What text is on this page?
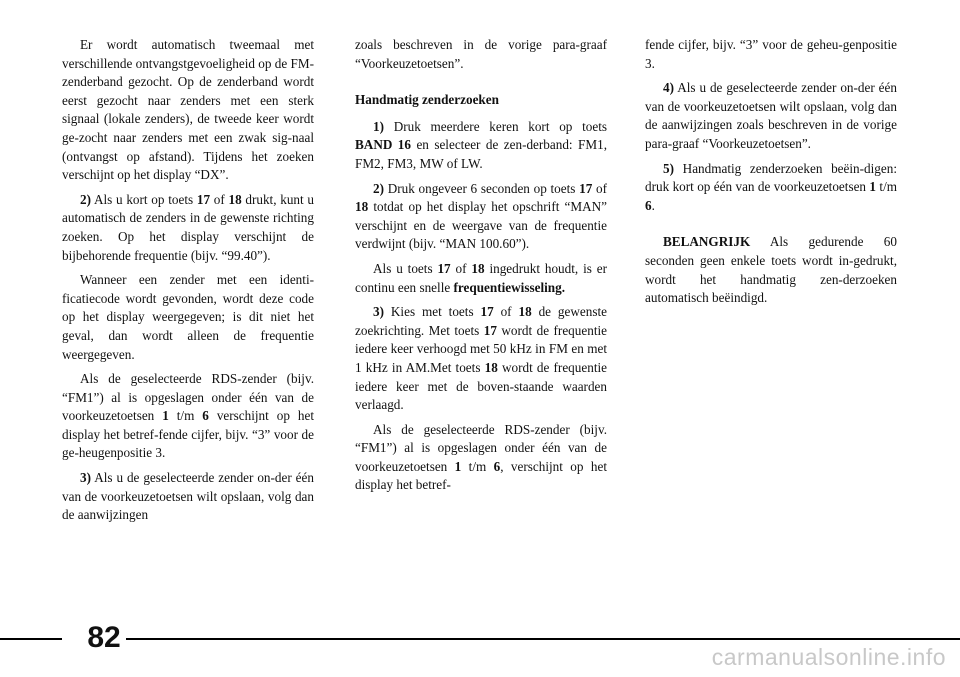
Er wordt automatisch tweemaal met verschillende ontvangstgevoeligheid op de FM-zenderband gezocht. Op de zenderband wordt eerst gezocht naar zenders met een sterk signaal (lokale zenders), de tweede keer wordt ge-zocht naar zenders met een zwak sig-naal (ontvangst op afstand). Tijdens het zoeken verschijnt op het display “DX”.

2) Als u kort op toets 17 of 18 drukt, kunt u automatisch de zenders in de gewenste richting zoeken. Op het display verschijnt de bijbehorende frequentie (bijv. “99.40”).

Wanneer een zender met een identi-ficatiecode wordt gevonden, wordt deze code op het display weergegeven; is dit niet het geval, dan wordt alleen de frequentie weergegeven.

Als de geselecteerde RDS-zender (bijv. “FM1”) al is opgeslagen onder één van de voorkeuzetoetsen 1 t/m 6 verschijnt op het display het betref-fende cijfer, bijv. “3” voor de ge-heugenpositie 3.

3) Als u de geselecteerde zender on-der één van de voorkeuzetoetsen wilt opslaan, volg dan de aanwijzingen

zoals beschreven in de vorige para-graaf “Voorkeuzetoetsen”.

Handmatig zenderzoeken

1) Druk meerdere keren kort op toets BAND 16 en selecteer de zen-derband: FM1, FM2, FM3, MW of LW.

2) Druk ongeveer 6 seconden op toets 17 of 18 totdat op het display het opschrift “MAN” verschijnt en de weergave van de frequentie verdwijnt (bijv. “MAN 100.60”).

Als u toets 17 of 18 ingedrukt houdt, is er continu een snelle frequentiewisseling.

3) Kies met toets 17 of 18 de gewenste zoekrichting. Met toets 17 wordt de frequentie iedere keer verhoogd met 50 kHz in FM en met 1 kHz in AM.Met toets 18 wordt de frequentie iedere keer met de boven-staande waarden verlaagd.

Als de geselecteerde RDS-zender (bijv. “FM1”) al is opgeslagen onder één van de voorkeuzetoetsen 1 t/m 6, verschijnt op het display het betref-

fende cijfer, bijv. “3” voor de geheu-genpositie 3.

4) Als u de geselecteerde zender on-der één van de voorkeuzetoetsen wilt opslaan, volg dan de aanwijzingen zoals beschreven in de vorige para-graaf “Voorkeuzetoetsen”.

5) Handmatig zenderzoeken beëin-digen: druk kort op één van de voorkeuzetoetsen 1 t/m 6.

BELANGRIJK Als gedurende 60 seconden geen enkele toets wordt in-gedrukt, wordt het handmatig zen-derzoeken automatisch beëindigd.

82
carmanualsonline.info
